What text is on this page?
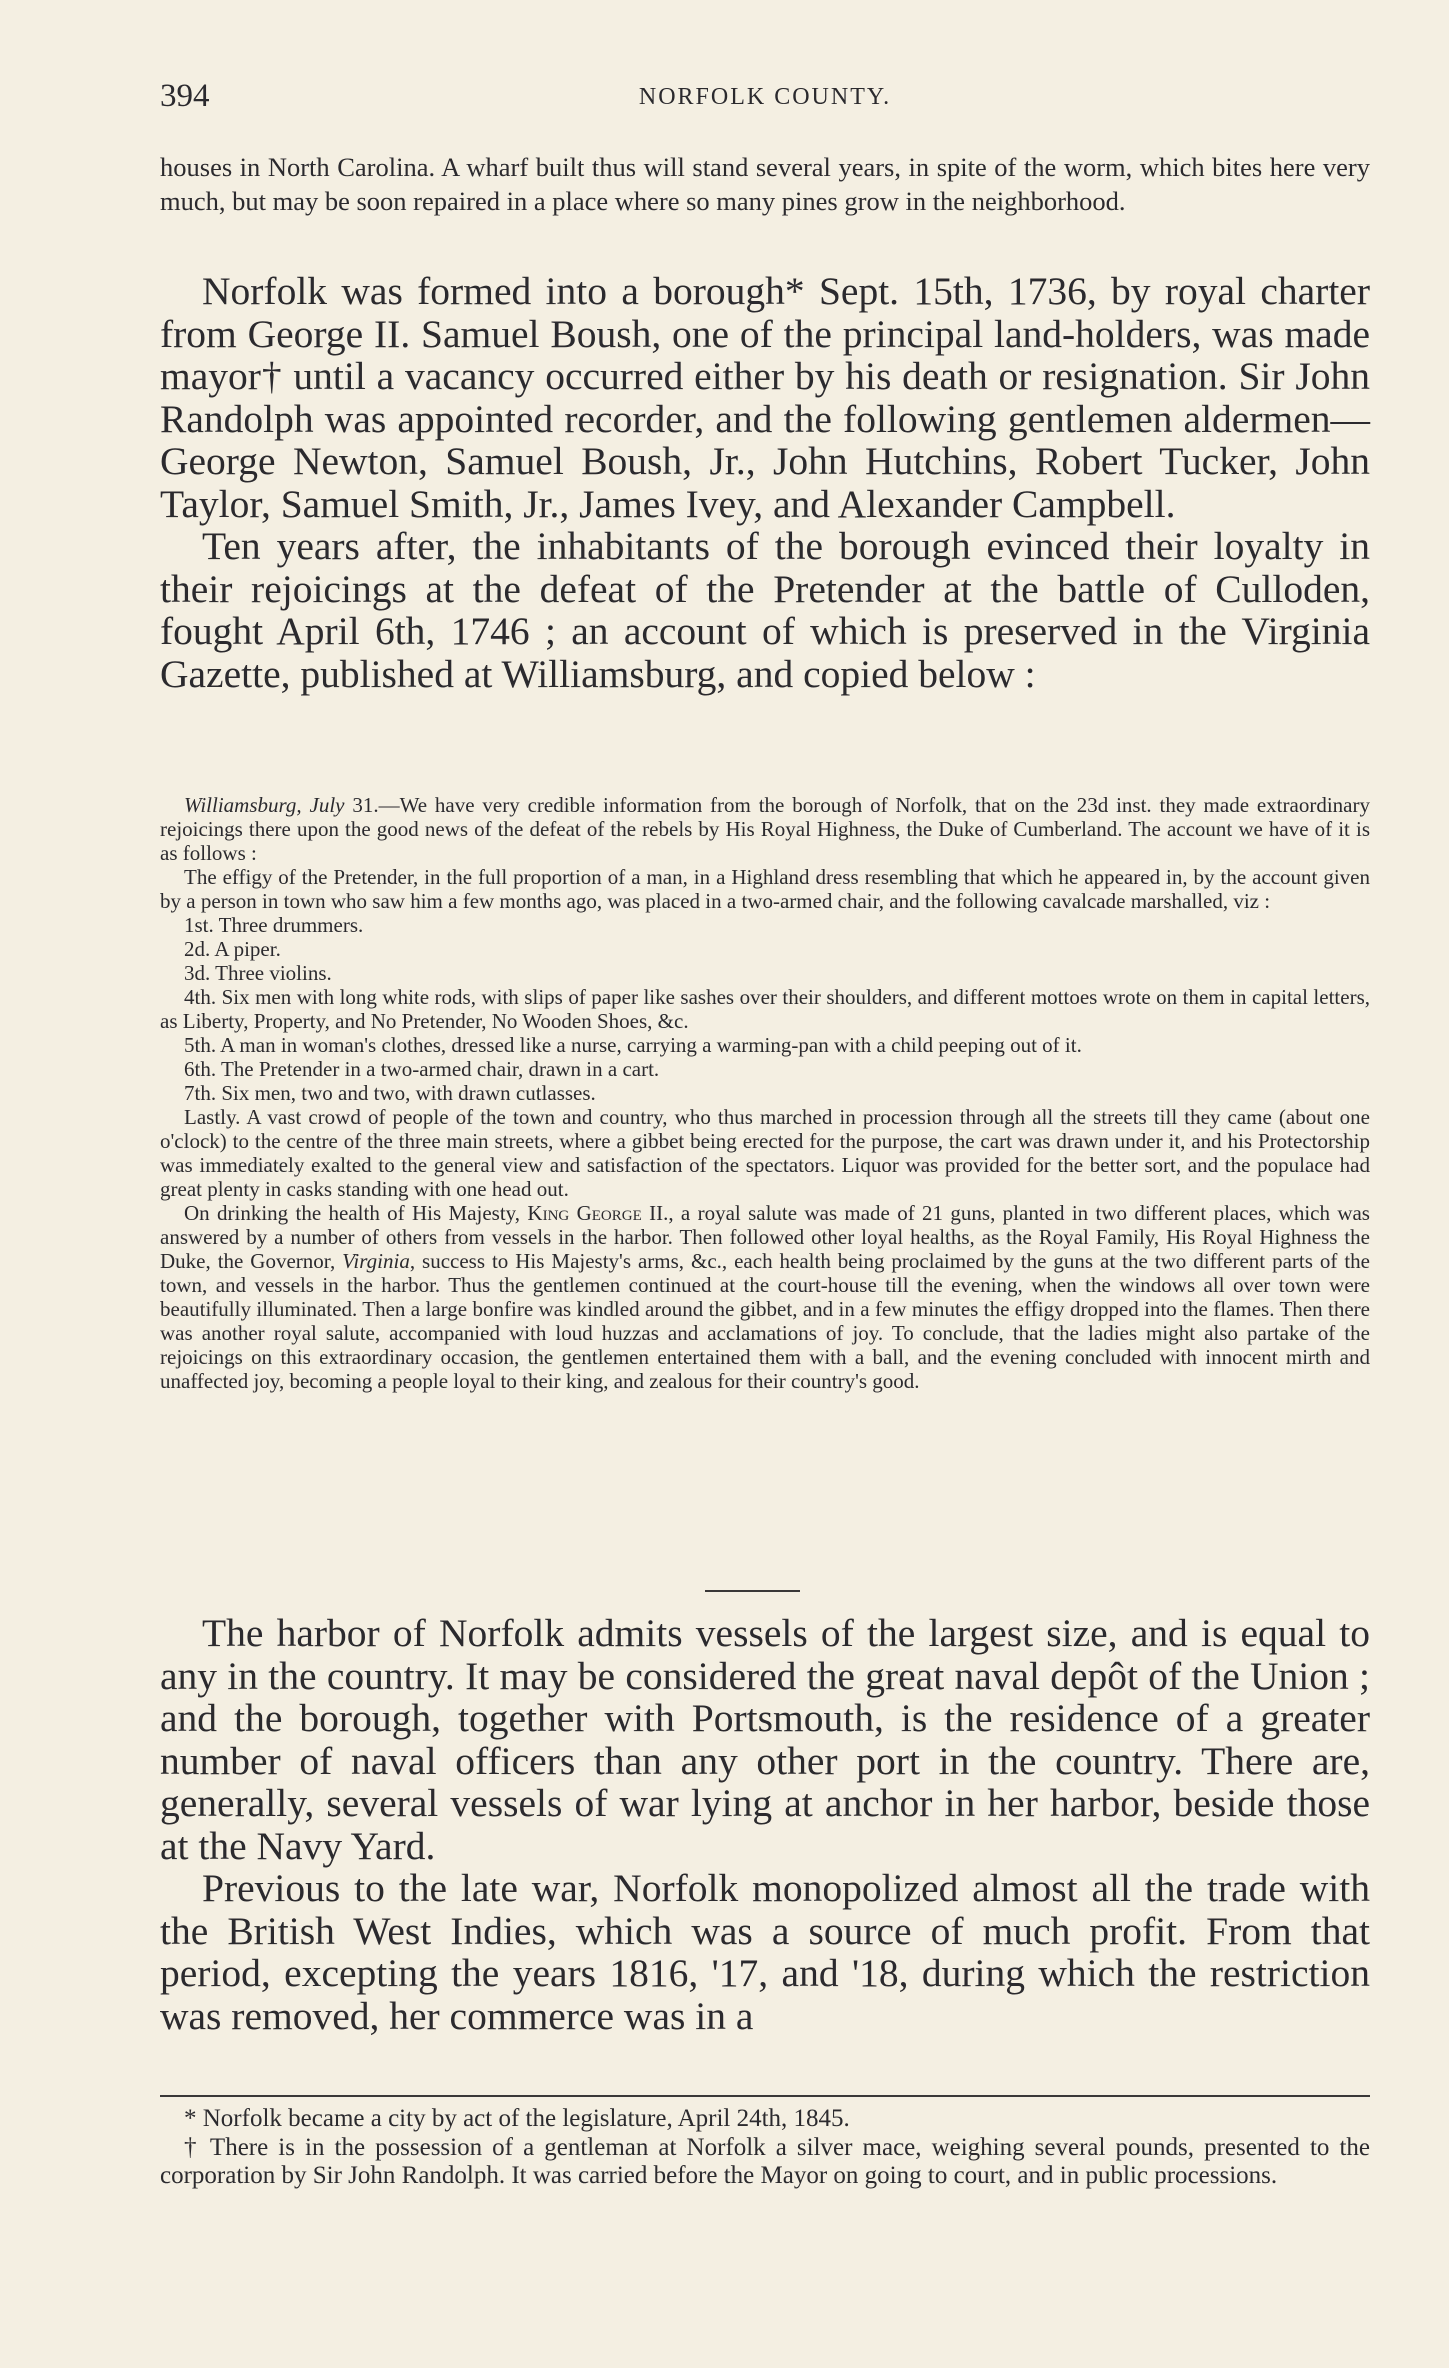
394	NORFOLK COUNTY.

houses in North Carolina. A wharf built thus will stand several years, in spite of the worm, which bites here very much, but may be soon repaired in a place where so many pines grow in the neighborhood.

Norfolk was formed into a borough* Sept. 15th, 1736, by royal charter from George II. Samuel Boush, one of the principal land-holders, was made mayor† until a vacancy occurred either by his death or resignation. Sir John Randolph was appointed recorder, and the following gentlemen aldermen—George Newton, Samuel Boush, Jr., John Hutchins, Robert Tucker, John Taylor, Samuel Smith, Jr., James Ivey, and Alexander Campbell.

Ten years after, the inhabitants of the borough evinced their loyalty in their rejoicings at the defeat of the Pretender at the battle of Culloden, fought April 6th, 1746 ; an account of which is preserved in the Virginia Gazette, published at Williamsburg, and copied below :

Williamsburg, July 31.—We have very credible information from the borough of Norfolk, that on the 23d inst. they made extraordinary rejoicings there upon the good news of the defeat of the rebels by His Royal Highness, the Duke of Cumberland. The account we have of it is as follows :

The effigy of the Pretender, in the full proportion of a man, in a Highland dress resembling that which he appeared in, by the account given by a person in town who saw him a few months ago, was placed in a two-armed chair, and the following cavalcade marshalled, viz :

1st. Three drummers.

2d. A piper.

3d. Three violins.

4th. Six men with long white rods, with slips of paper like sashes over their shoulders, and different mottoes wrote on them in capital letters, as Liberty, Property, and No Pretender, No Wooden Shoes, &c.

5th. A man in woman's clothes, dressed like a nurse, carrying a warming-pan with a child peeping out of it.

6th. The Pretender in a two-armed chair, drawn in a cart.

7th. Six men, two and two, with drawn cutlasses.

Lastly. A vast crowd of people of the town and country, who thus marched in procession through all the streets till they came (about one o'clock) to the centre of the three main streets, where a gibbet being erected for the purpose, the cart was drawn under it, and his Protectorship was immediately exalted to the general view and satisfaction of the spectators. Liquor was provided for the better sort, and the populace had great plenty in casks standing with one head out.

On drinking the health of His Majesty, King George II., a royal salute was made of 21 guns, planted in two different places, which was answered by a number of others from vessels in the harbor. Then followed other loyal healths, as the Royal Family, His Royal Highness the Duke, the Governor, Virginia, success to His Majesty's arms, &c., each health being proclaimed by the guns at the two different parts of the town, and vessels in the harbor. Thus the gentlemen continued at the court-house till the evening, when the windows all over town were beautifully illuminated. Then a large bonfire was kindled around the gibbet, and in a few minutes the effigy dropped into the flames. Then there was another royal salute, accompanied with loud huzzas and acclamations of joy. To conclude, that the ladies might also partake of the rejoicings on this extraordinary occasion, the gentlemen entertained them with a ball, and the evening concluded with innocent mirth and unaffected joy, becoming a people loyal to their king, and zealous for their country's good.

The harbor of Norfolk admits vessels of the largest size, and is equal to any in the country. It may be considered the great naval depôt of the Union ; and the borough, together with Portsmouth, is the residence of a greater number of naval officers than any other port in the country. There are, generally, several vessels of war lying at anchor in her harbor, beside those at the Navy Yard.

Previous to the late war, Norfolk monopolized almost all the trade with the British West Indies, which was a source of much profit. From that period, excepting the years 1816, '17, and '18, during which the restriction was removed, her commerce was in a

* Norfolk became a city by act of the legislature, April 24th, 1845.

† There is in the possession of a gentleman at Norfolk a silver mace, weighing several pounds, presented to the corporation by Sir John Randolph. It was carried before the Mayor on going to court, and in public processions.
